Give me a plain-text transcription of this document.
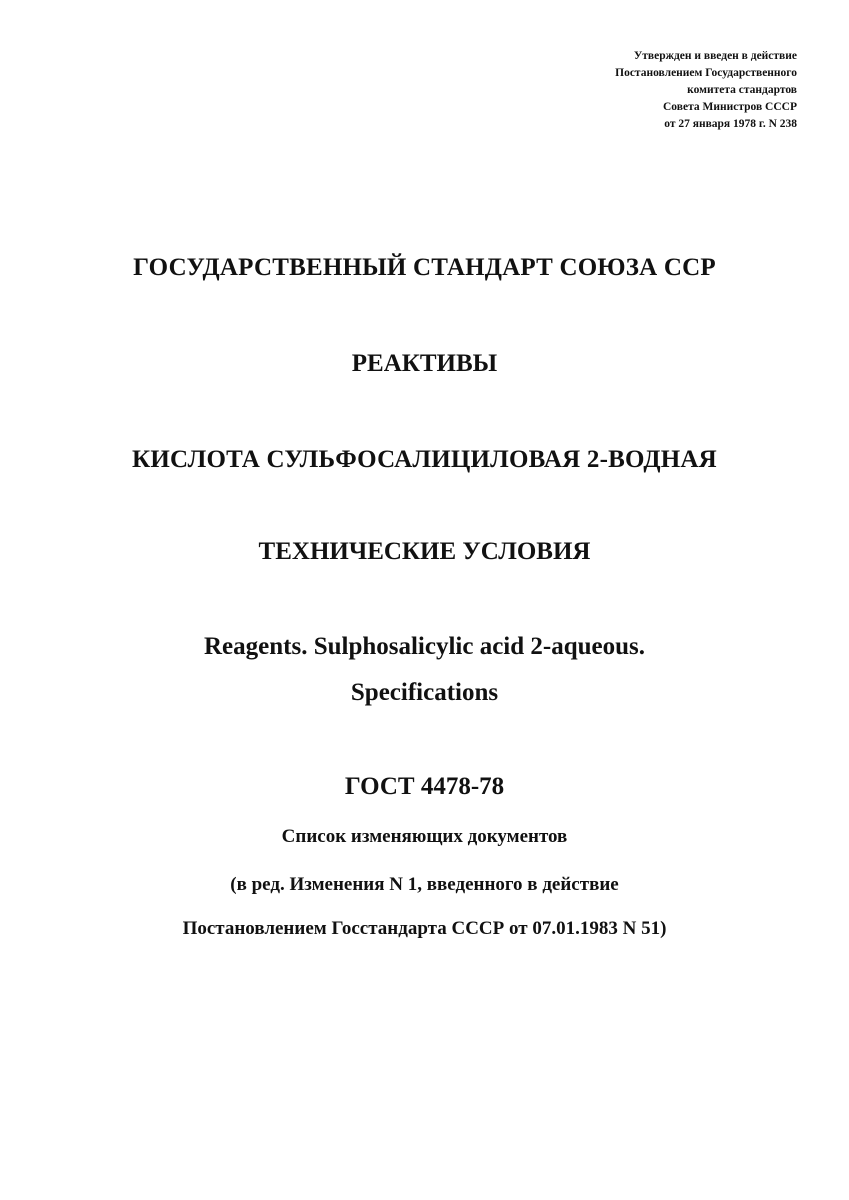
Утвержден и введен в действие
Постановлением Государственного
комитета стандартов
Совета Министров СССР
от 27 января 1978 г. N 238
ГОСУДАРСТВЕННЫЙ СТАНДАРТ СОЮЗА ССР
РЕАКТИВЫ
КИСЛОТА СУЛЬФОСАЛИЦИЛОВАЯ 2-ВОДНАЯ
ТЕХНИЧЕСКИЕ УСЛОВИЯ
Reagents. Sulphosalicylic acid 2-aqueous.
Specifications
ГОСТ 4478-78
Список изменяющих документов
(в ред. Изменения N 1, введенного в действие
Постановлением Госстандарта СССР от 07.01.1983 N 51)
